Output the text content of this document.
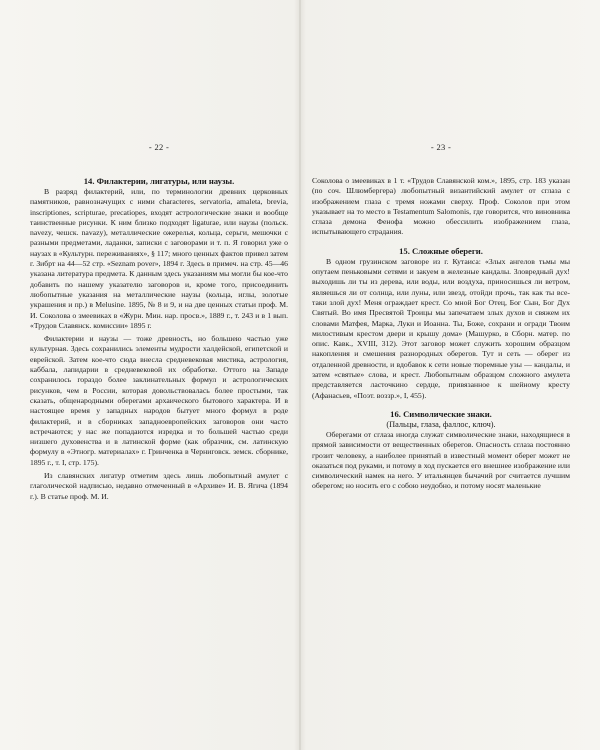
- 22 -
14. Филактерии, лигатуры, или наузы.

В разряд филактерий, или, по терминологии древних церковных памятников, равнозначущих с ними characteres, servatoria, amaleta, brevia, inscriptiones, scripturae, precatiopes, входят астрологические знаки и вообще таинственные рисунки. К ним близко подходят ligaturae, или наузы (польск. navezy, чешск. navazy), металлические ожерелья, кольца, серьги, мешочки с разными предметами, ладанки, записки с заговорами и т. п. Я говорил уже о наузах в «Культурн. переживаниях», § 117; много ценных фактов привел затем г. Зибрт на 44—52 стр. «Seznam pover», 1894 г. Здесь в примеч. на стр. 45—46 указана литература предмета. К данным здесь указаниям мы могли бы кое-что добавить по нашему указателю заговоров и, кроме того, присоединить любопытные указания на металлические наузы (кольца, иглы, золотые украшения и пр.) в Melusine. 1895, № 8 и 9, и на две ценных статьи проф. М. И. Соколова о змеевиках в «Журн. Мин. нар. просв.», 1889 г., т. 243 и в 1 вып. «Трудов Славянск. комиссии» 1895 г.

Филактерии и наузы — тоже древность, но большею частью уже культурная. Здесь сохранились элементы мудрости халдейской, египетской и еврейской. Затем кое-что сюда внесла средневековая мистика, астрология, каббала, лапидарии в средневековой их обработке. Оттого на Западе сохранилось гораздо более заклинательных формул и астрологических рисунков, чем в России, которая довольствовалась более простыми, так сказать, общенародными оберегами архаического бытового характера. И в настоящее время у западных народов бытует много формул в роде филактерий, и в сборниках западноевропейских заговоров они часто встречаются; у нас же попадаются изредка и то большей частью среди низшего духовенства и в латинской форме (как образчик, см. латинскую формулу в «Этногр. материалах» г. Гринченка в Черниговск. земск. сборнике, 1895 г., т. I, стр. 175).

Из славянских лигатур отметим здесь лишь любопытный амулет с глаголической надписью, недавно отмеченный в «Архиве» И. В. Ягича (1894 г.). В статье проф. М. И.

- 23 -

Соколова о змеевиках в 1 т. «Трудов Славянской ком.», 1895, стр. 183 указан (по соч. Шлюмбергера) любопытный византийский амулет от сглаза с изображением глаза с тремя ножами сверху. Проф. Соколов при этом указывает на то место в Testamentum Salomonis, где говорится, что виновника сглаза демона Фенофа можно обессилить изображением глаза, испытывающего страдания.

15. Сложные обереги.

В одном грузинском заговоре из г. Кутаиса: «Злых ангелов тьмы мы опутаем пеньковыми сетями и закуем в железные кандалы. Зловредный дух! выходишь ли ты из дерева, или воды, или воздуха, приносишься ли ветром, являешься ли от солнца, или луны, или звезд, отойди прочь, так как ты все-таки злой дух! Меня ограждает крест. Со мной Бог Отец, Бог Сын, Бог Дух Святый. Во имя Пресвятой Троицы мы запечатаем злых духов и свяжем их словами Матфея, Марка, Луки и Иоанна. Ты, Боже, сохрани и огради Твоим милостивым крестом двери и крышу дома» (Машурко, в Сборн. матер. по опис. Кавк., XVIII, 312). Этот заговор может служить хорошим образцом накопления и смешения разнородных оберегов. Тут и сеть — оберег из отдаленной древности, и вдобавок к сети новые тюремные узы — кандалы, и затем «святые» слова, и крест. Любопытным образцом сложного амулета представляется ласточкино сердце, привязанное к шейному кресту (Афанасьев, «Поэт. воззр.», I, 455).

16. Символические знаки.
(Пальцы, глаза, фаллос, ключ).

Оберегами от сглаза иногда служат символические знаки, находящиеся в прямой зависимости от вещественных оберегов. Опасность сглаза постоянно грозит человеку, а наиболее принятый в известный момент оберег может не оказаться под руками, и потому в ход пускается его внешнее изображение или символический намек на него. У итальянцев бычачий рог считается лучшим оберегом; но носить его с собою неудобно, и потому носят маленькие
